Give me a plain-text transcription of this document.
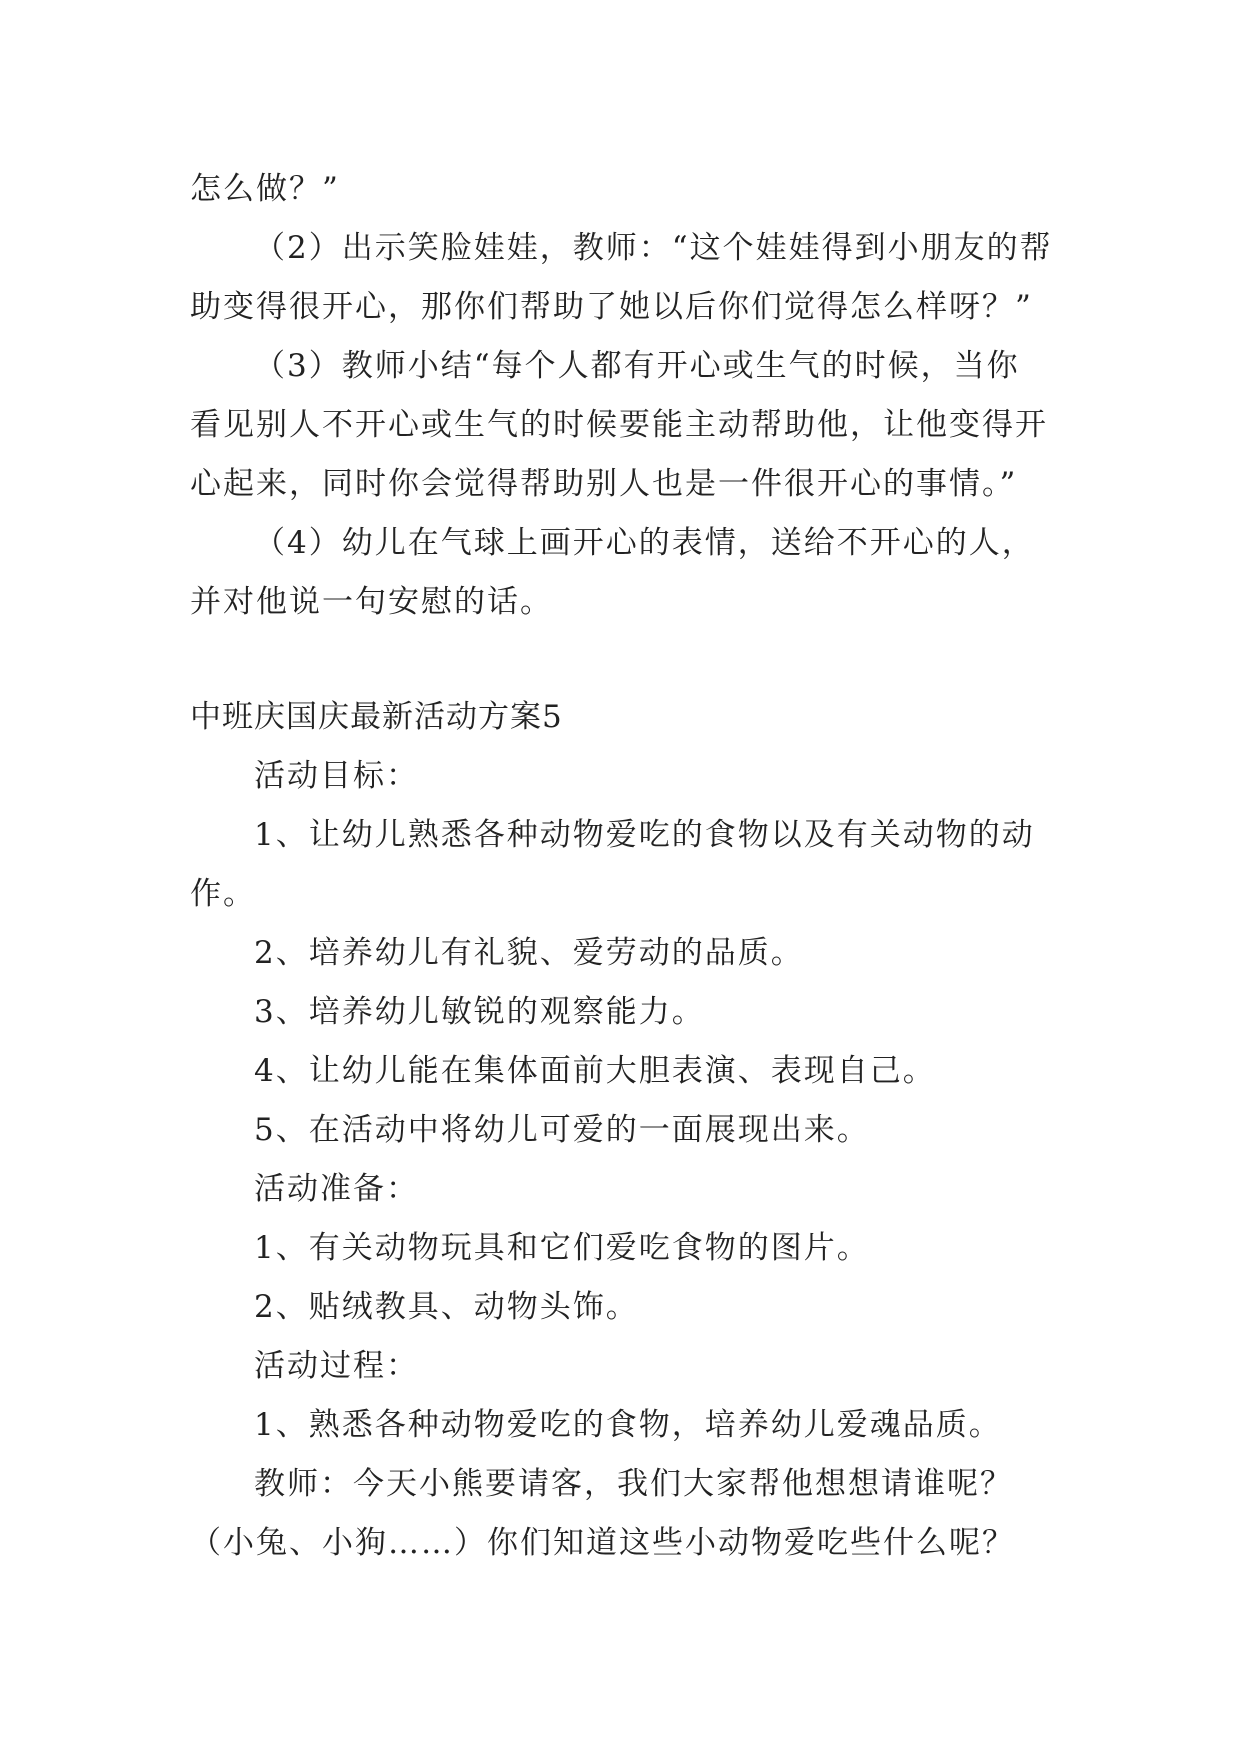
怎么做？”
（2）出示笑脸娃娃，教师：“这个娃娃得到小朋友的帮
助变得很开心，那你们帮助了她以后你们觉得怎么样呀？”
（3）教师小结“每个人都有开心或生气的时候，当你
看见别人不开心或生气的时候要能主动帮助他，让他变得开
心起来，同时你会觉得帮助别人也是一件很开心的事情。”
（4）幼儿在气球上画开心的表情，送给不开心的人，
并对他说一句安慰的话。
中班庆国庆最新活动方案5
活动目标：
1、让幼儿熟悉各种动物爱吃的食物以及有关动物的动
作。
2、培养幼儿有礼貌、爱劳动的品质。
3、培养幼儿敏锐的观察能力。
4、让幼儿能在集体面前大胆表演、表现自己。
5、在活动中将幼儿可爱的一面展现出来。
活动准备：
1、有关动物玩具和它们爱吃食物的图片。
2、贴绒教具、动物头饰。
活动过程：
1、熟悉各种动物爱吃的食物，培养幼儿爱魂品质。
教师：今天小熊要请客，我们大家帮他想想请谁呢？
（小兔、小狗……）你们知道这些小动物爱吃些什么呢？
